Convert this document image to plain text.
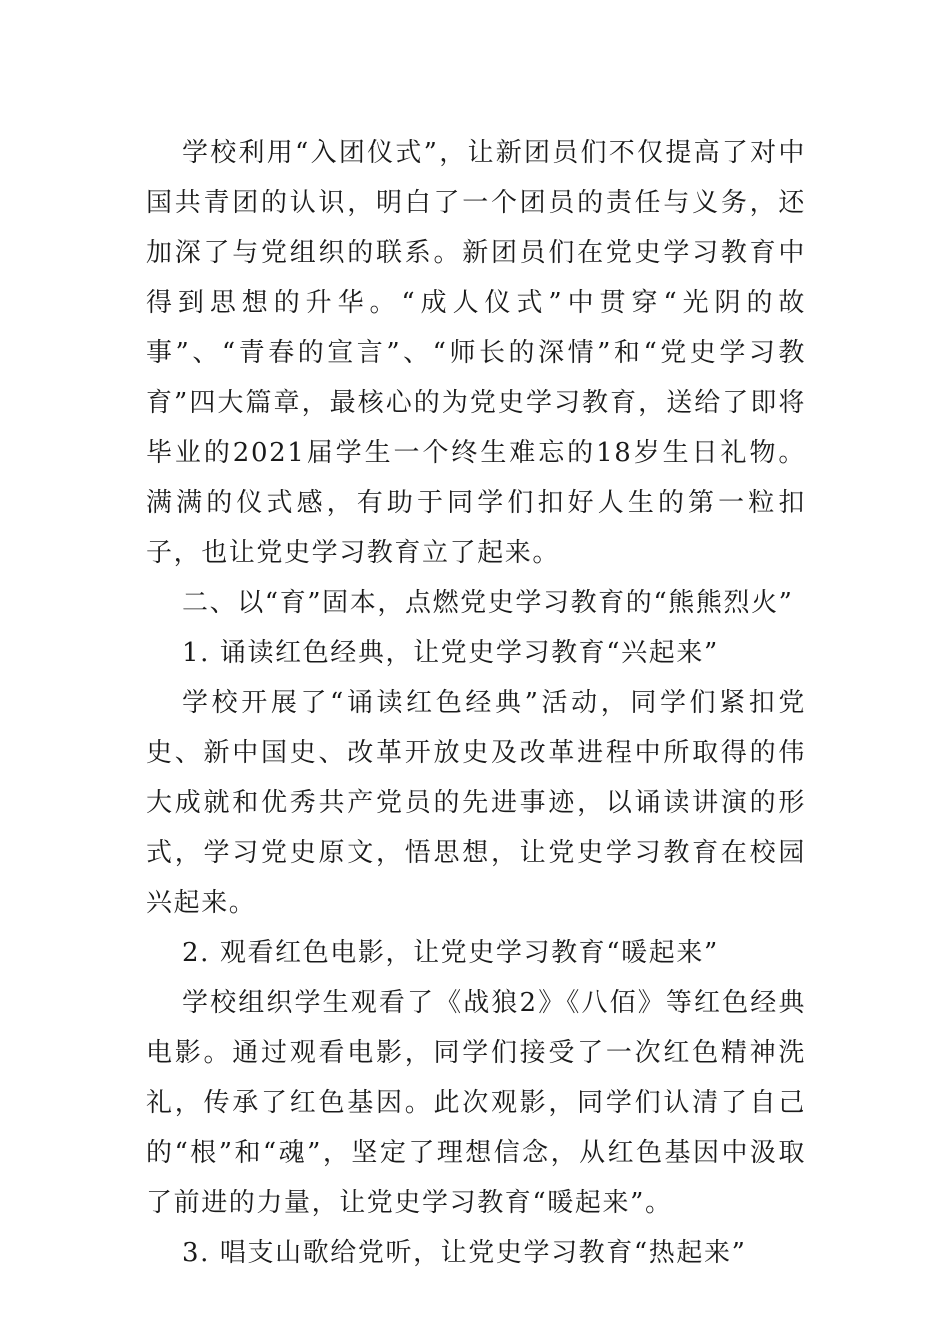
学校利用“入团仪式”，让新团员们不仅提高了对中国共青团的认识，明白了一个团员的责任与义务，还加深了与党组织的联系。新团员们在党史学习教育中得到思想的升华。“成人仪式”中贯穿“光阴的故事”、“青春的宣言”、“师长的深情”和“党史学习教育”四大篇章，最核心的为党史学习教育，送给了即将毕业的2021届学生一个终生难忘的18岁生日礼物。满满的仪式感，有助于同学们扣好人生的第一粒扣子，也让党史学习教育立了起来。

二、以“育”固本，点燃党史学习教育的“熊熊烈火”

1. 诵读红色经典，让党史学习教育“兴起来”

学校开展了“诵读红色经典”活动，同学们紧扣党史、新中国史、改革开放史及改革进程中所取得的伟大成就和优秀共产党员的先进事迹，以诵读讲演的形式，学习党史原文，悟思想，让党史学习教育在校园兴起来。

2. 观看红色电影，让党史学习教育“暖起来”

学校组织学生观看了《战狼2》《八佰》等红色经典电影。通过观看电影，同学们接受了一次红色精神洗礼，传承了红色基因。此次观影，同学们认清了自己的“根”和“魂”，坚定了理想信念，从红色基因中汲取了前进的力量，让党史学习教育“暖起来”。

3. 唱支山歌给党听，让党史学习教育“热起来”
